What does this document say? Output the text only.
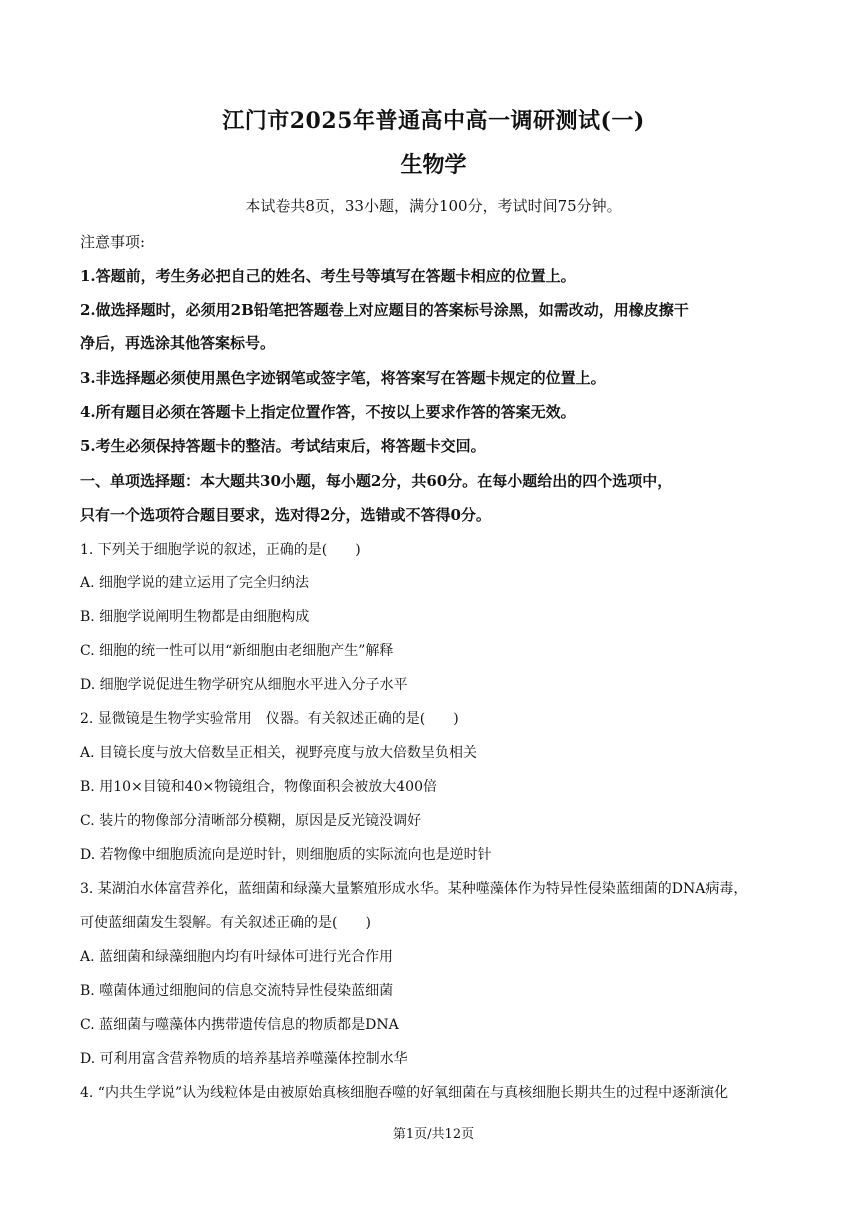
江门市2025年普通高中高一调研测试(一)
生物学
本试卷共8页，33小题，满分100分，考试时间75分钟。
注意事项:
1.答题前，考生务必把自己的姓名、考生号等填写在答题卡相应的位置上。
2.做选择题时，必须用2B铅笔把答题卷上对应题目的答案标号涂黑，如需改动，用橡皮擦干
净后，再选涂其他答案标号。
3.非选择题必须使用黑色字迹钢笔或签字笔，将答案写在答题卡规定的位置上。
4.所有题目必须在答题卡上指定位置作答，不按以上要求作答的答案无效。
5.考生必须保持答题卡的整洁。考试结束后，将答题卡交回。
一、单项选择题：本大题共30小题，每小题2分，共60分。在每小题给出的四个选项中，
只有一个选项符合题目要求，选对得2分，选错或不答得0分。
1. 下列关于细胞学说的叙述，正确的是(　　)
A. 细胞学说的建立运用了完全归纳法
B. 细胞学说阐明生物都是由细胞构成
C. 细胞的统一性可以用“新细胞由老细胞产生”解释
D. 细胞学说促进生物学研究从细胞水平进入分子水平
2. 显微镜是生物学实验常用　仪器。有关叙述正确的是(　　)
A. 目镜长度与放大倍数呈正相关，视野亮度与放大倍数呈负相关
B. 用10×目镜和40×物镜组合，物像面积会被放大400倍
C. 装片的物像部分清晰部分模糊，原因是反光镜没调好
D. 若物像中细胞质流向是逆时针，则细胞质的实际流向也是逆时针
3. 某湖泊水体富营养化，蓝细菌和绿藻大量繁殖形成水华。某种噬藻体作为特异性侵染蓝细菌的DNA病毒，
可使蓝细菌发生裂解。有关叙述正确的是(　　)
A. 蓝细菌和绿藻细胞内均有叶绿体可进行光合作用
B. 噬菌体通过细胞间的信息交流特异性侵染蓝细菌
C. 蓝细菌与噬藻体内携带遗传信息的物质都是DNA
D. 可利用富含营养物质的培养基培养噬藻体控制水华
4. “内共生学说”认为线粒体是由被原始真核细胞吞噬的好氧细菌在与真核细胞长期共生的过程中逐渐演化
第1页/共12页
